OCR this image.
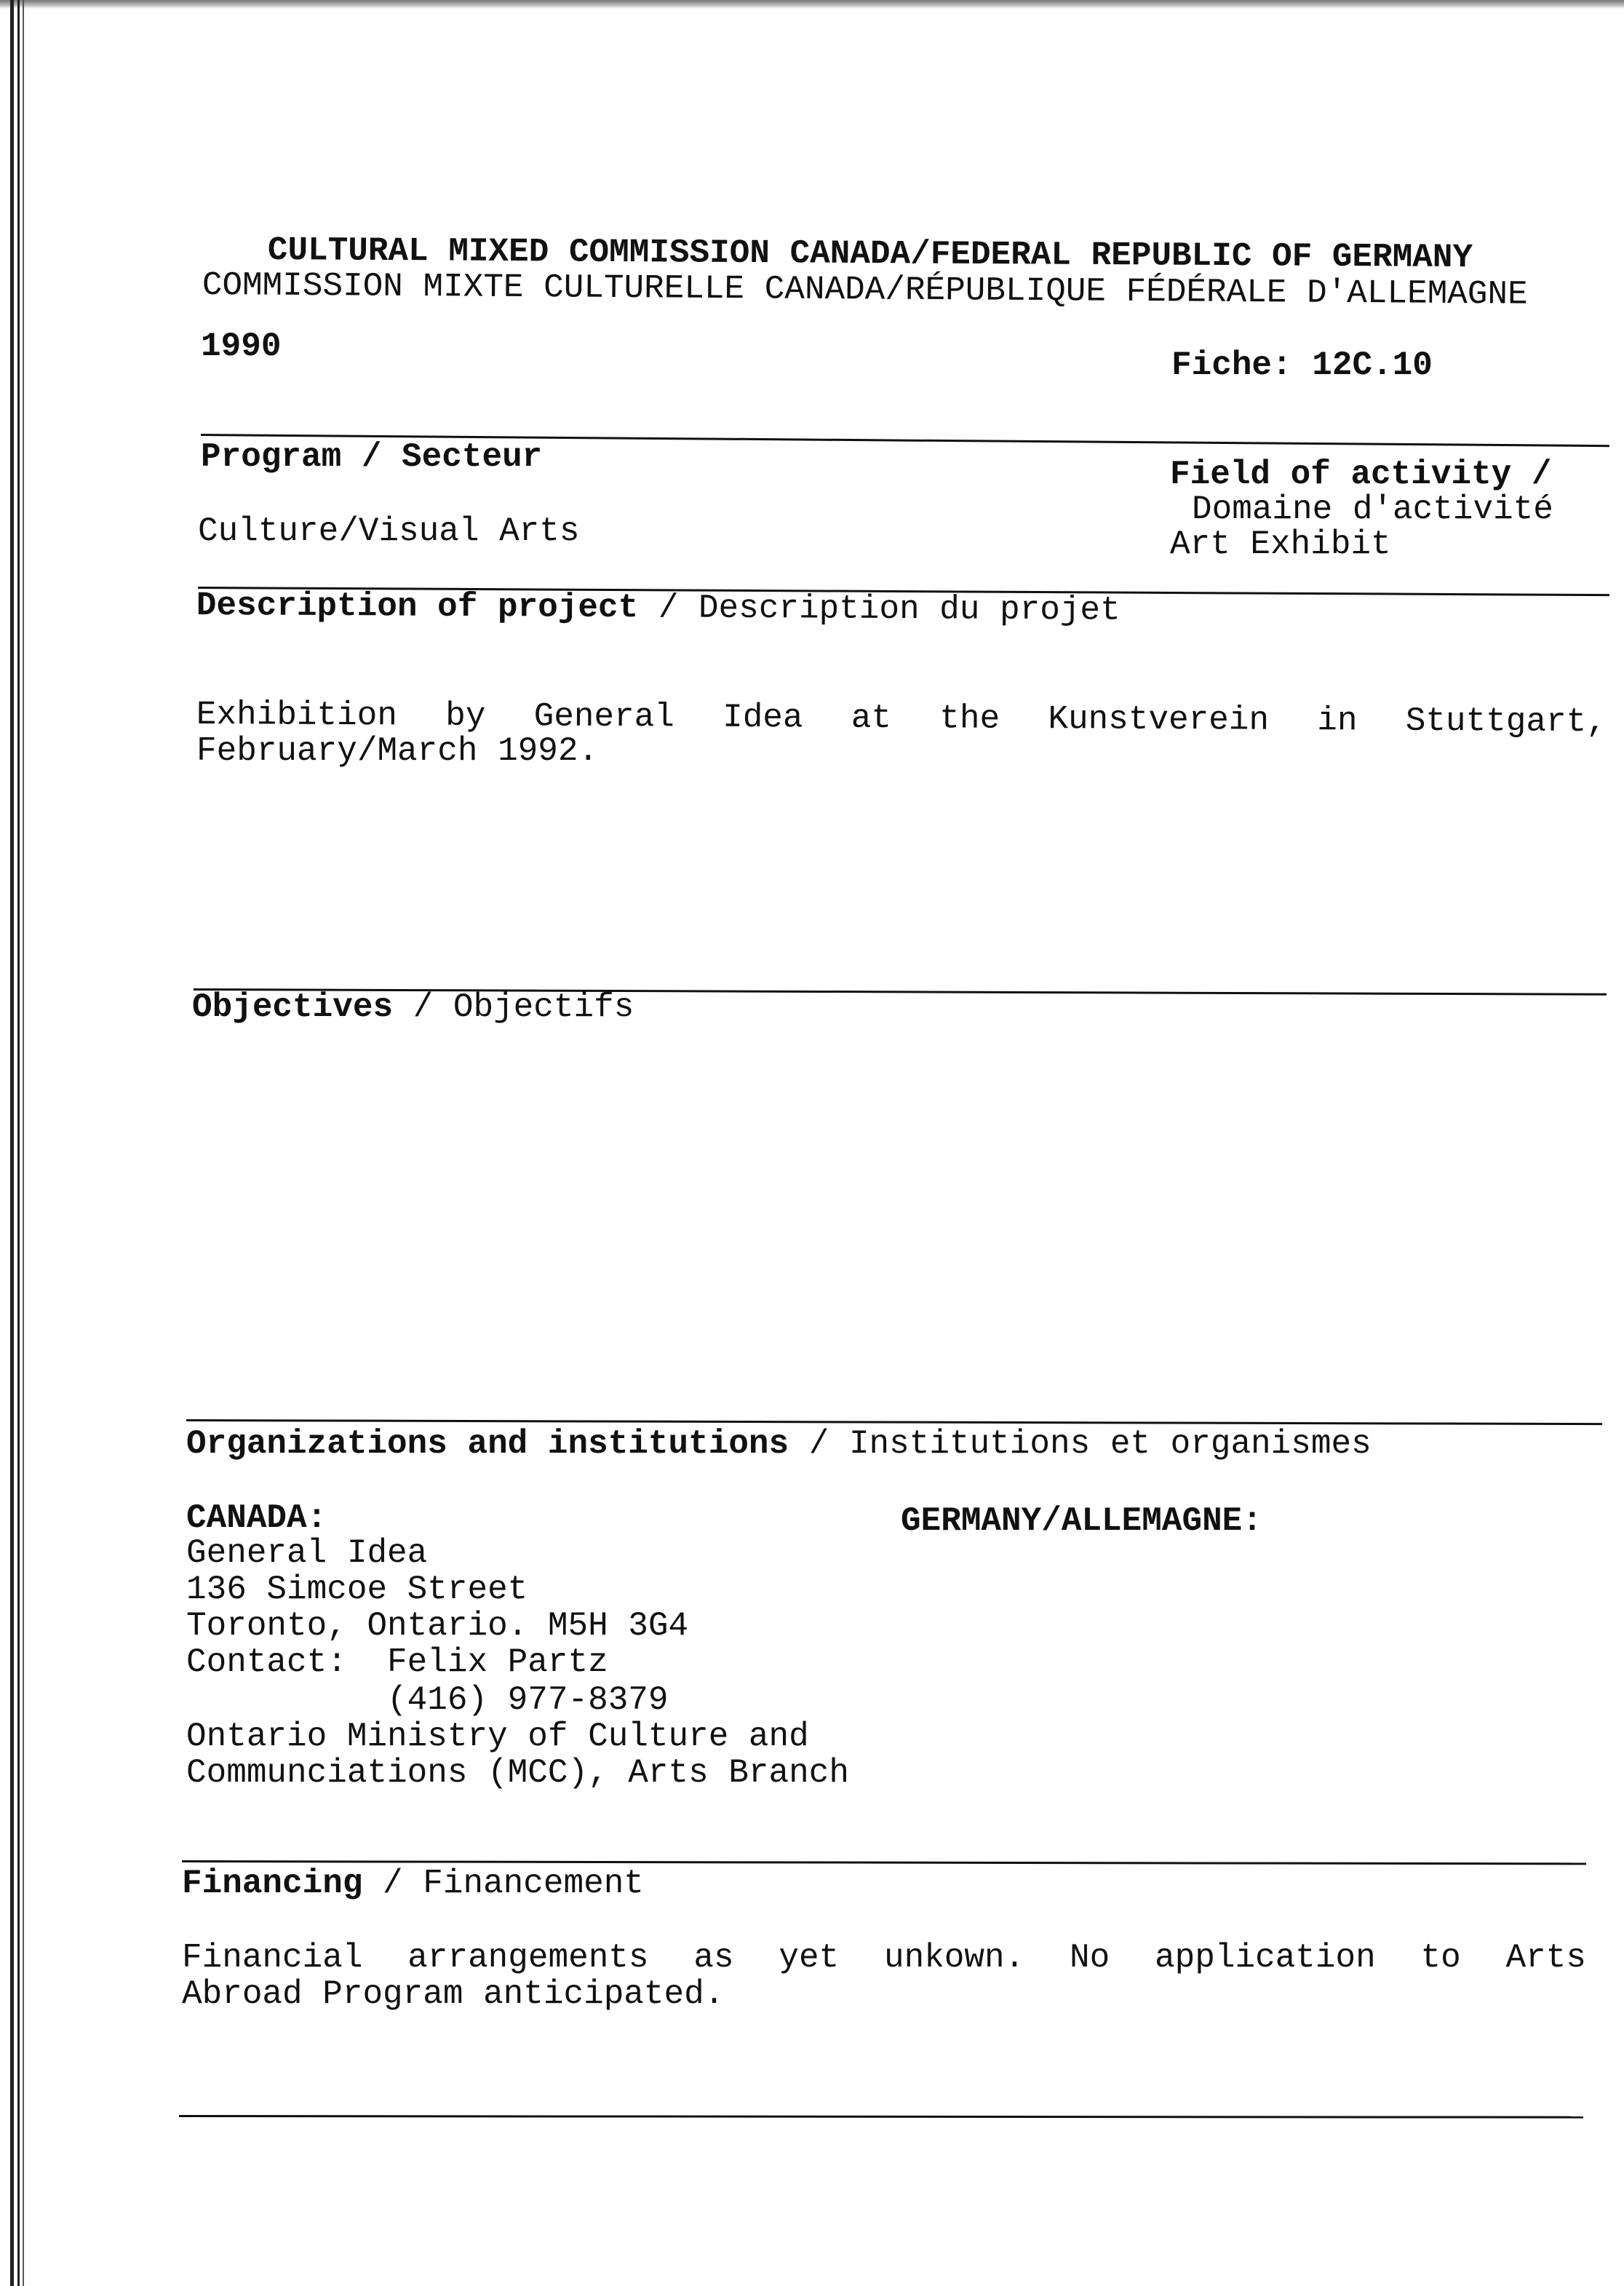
CULTURAL MIXED COMMISSION CANADA/FEDERAL REPUBLIC OF GERMANY
COMMISSION MIXTE CULTURELLE CANADA/RÉPUBLIQUE FÉDÉRALE D'ALLEMAGNE
1990	Fiche: 12C.10
Program / Secteur
Culture/Visual Arts
Field of activity /
Domaine d'activité
Art Exhibit
Description of project / Description du projet
Exhibition by General Idea at the Kunstverein in Stuttgart,
February/March 1992.
Objectives / Objectifs
Organizations and institutions / Institutions et organismes
CANADA:	GERMANY/ALLEMAGNE:
General Idea
136 Simcoe Street
Toronto, Ontario. M5H 3G4
Contact:  Felix Partz
(416) 977-8379
Ontario Ministry of Culture and
Communciations (MCC), Arts Branch
Financing / Financement
Financial arrangements as yet unkown. No application to Arts
Abroad Program anticipated.
